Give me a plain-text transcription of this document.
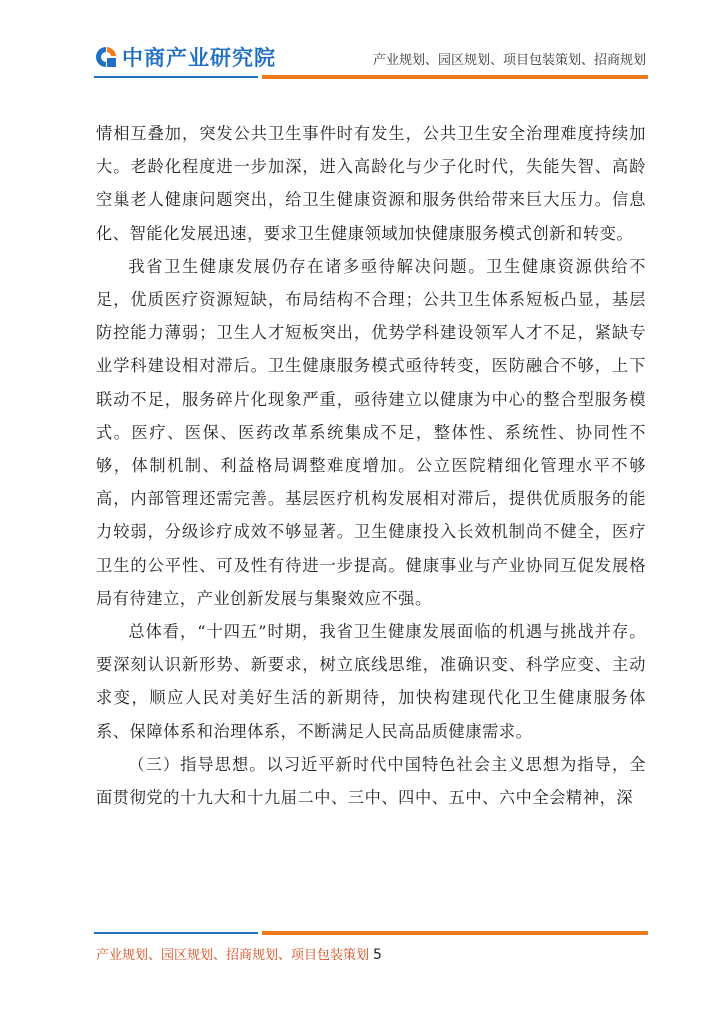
中商产业研究院	产业规划、园区规划、项目包装策划、招商规划

情相互叠加，突发公共卫生事件时有发生，公共卫生安全治理难度持续加大。老龄化程度进一步加深，进入高龄化与少子化时代，失能失智、高龄空巢老人健康问题突出，给卫生健康资源和服务供给带来巨大压力。信息化、智能化发展迅速，要求卫生健康领域加快健康服务模式创新和转变。

我省卫生健康发展仍存在诸多亟待解决问题。卫生健康资源供给不足，优质医疗资源短缺，布局结构不合理；公共卫生体系短板凸显，基层防控能力薄弱；卫生人才短板突出，优势学科建设领军人才不足，紧缺专业学科建设相对滞后。卫生健康服务模式亟待转变，医防融合不够，上下联动不足，服务碎片化现象严重，亟待建立以健康为中心的整合型服务模式。医疗、医保、医药改革系统集成不足，整体性、系统性、协同性不够，体制机制、利益格局调整难度增加。公立医院精细化管理水平不够高，内部管理还需完善。基层医疗机构发展相对滞后，提供优质服务的能力较弱，分级诊疗成效不够显著。卫生健康投入长效机制尚不健全，医疗卫生的公平性、可及性有待进一步提高。健康事业与产业协同互促发展格局有待建立，产业创新发展与集聚效应不强。

总体看，“十四五”时期，我省卫生健康发展面临的机遇与挑战并存。要深刻认识新形势、新要求，树立底线思维，准确识变、科学应变、主动求变，顺应人民对美好生活的新期待，加快构建现代化卫生健康服务体系、保障体系和治理体系，不断满足人民高品质健康需求。

（三）指导思想。以习近平新时代中国特色社会主义思想为指导，全面贯彻党的十九大和十九届二中、三中、四中、五中、六中全会精神，深

产业规划、园区规划、招商规划、项目包装策划 5
